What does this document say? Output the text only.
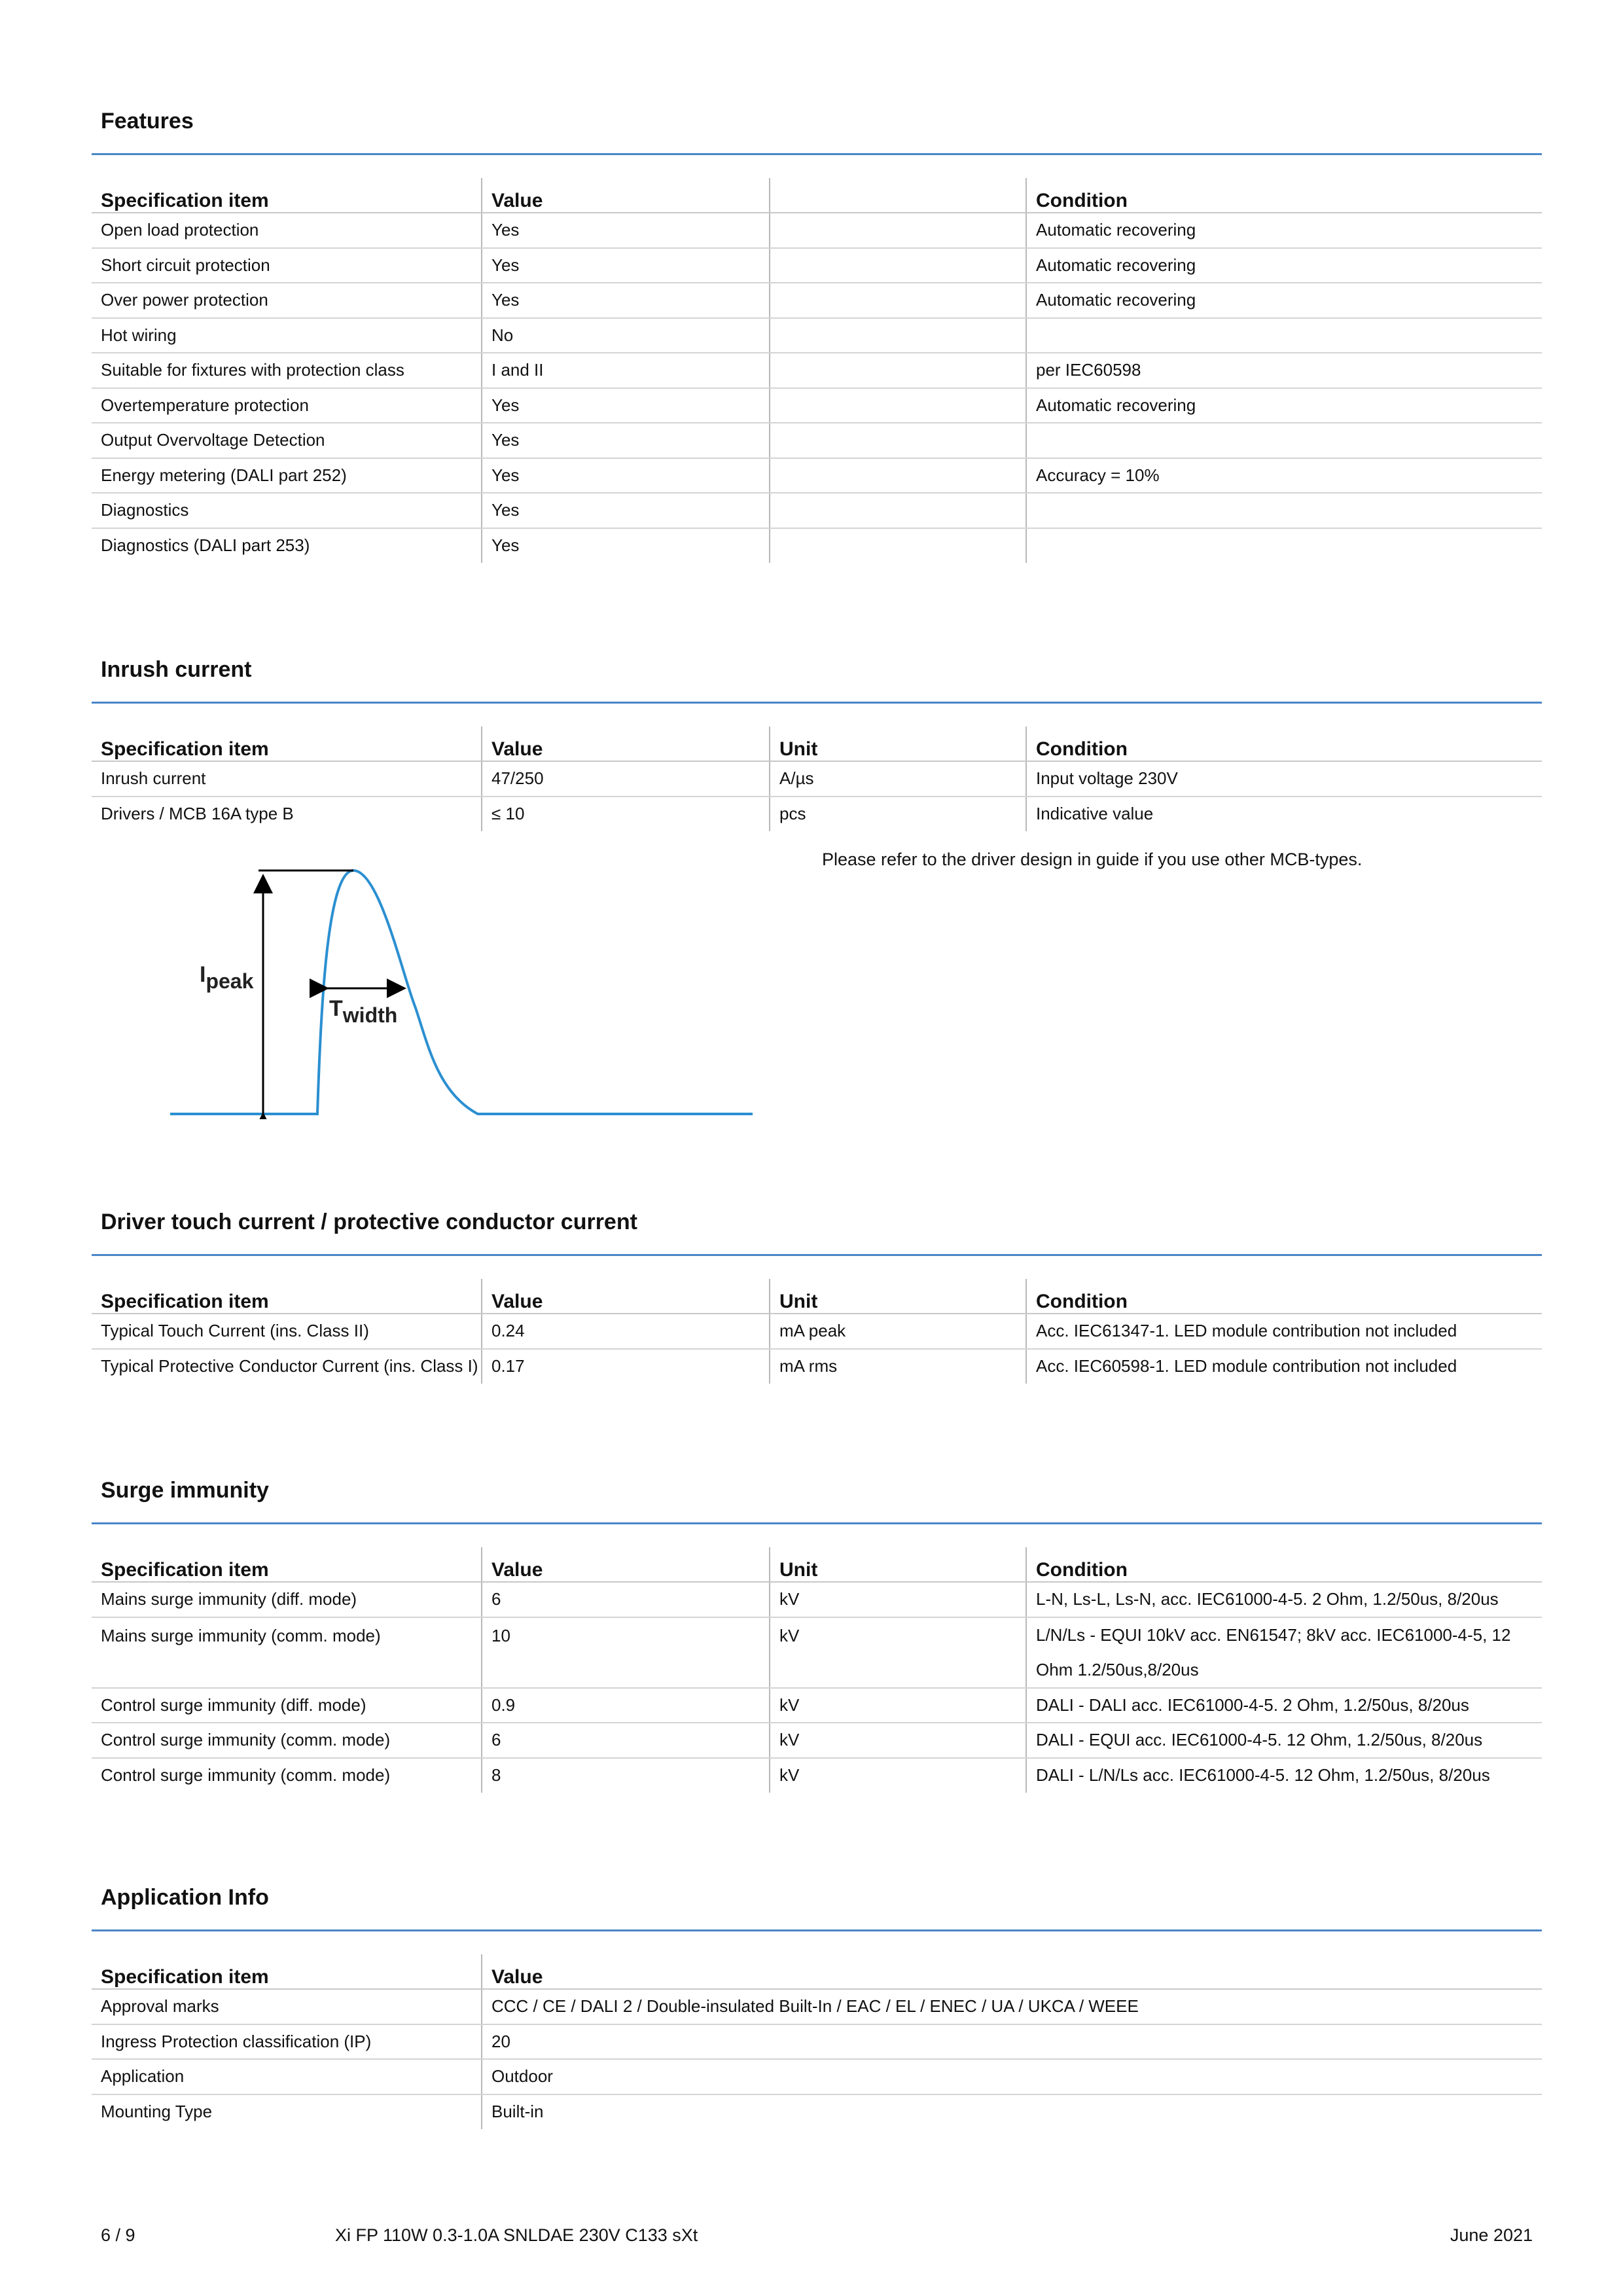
Features
Specification item	Value		Condition
Open load protection	Yes		Automatic recovering
Short circuit protection	Yes		Automatic recovering
Over power protection	Yes		Automatic recovering
Hot wiring	No		
Suitable for fixtures with protection class	I and II		per IEC60598
Overtemperature protection	Yes		Automatic recovering
Output Overvoltage Detection	Yes		
Energy metering (DALI part 252)	Yes		Accuracy = 10%
Diagnostics	Yes		
Diagnostics (DALI part 253)	Yes		
Inrush current
Specification item	Value	Unit	Condition
Inrush current	47/250	A/µs	Input voltage 230V
Drivers / MCB 16A type B	≤ 10	pcs	Indicative value
Please refer to the driver design in guide if you use other MCB-types.
Ipeak
Twidth
Driver touch current / protective conductor current
Specification item	Value	Unit	Condition
Typical Touch Current (ins. Class II)	0.24	mA peak	Acc. IEC61347-1. LED module contribution not included
Typical Protective Conductor Current (ins. Class I)	0.17	mA rms	Acc. IEC60598-1. LED module contribution not included
Surge immunity
Specification item	Value	Unit	Condition
Mains surge immunity (diff. mode)	6	kV	L-N, Ls-L, Ls-N, acc. IEC61000-4-5. 2 Ohm, 1.2/50us, 8/20us
Mains surge immunity (comm. mode)	10	kV	L/N/Ls - EQUI 10kV acc. EN61547; 8kV acc. IEC61000-4-5, 12 Ohm 1.2/50us,8/20us
Control surge immunity (diff. mode)	0.9	kV	DALI - DALI acc. IEC61000-4-5. 2 Ohm, 1.2/50us, 8/20us
Control surge immunity (comm. mode)	6	kV	DALI - EQUI acc. IEC61000-4-5. 12 Ohm, 1.2/50us, 8/20us
Control surge immunity (comm. mode)	8	kV	DALI - L/N/Ls acc. IEC61000-4-5. 12 Ohm, 1.2/50us, 8/20us
Application Info
Specification item	Value
Approval marks	CCC / CE / DALI 2 / Double-insulated Built-In / EAC / EL / ENEC / UA / UKCA / WEEE
Ingress Protection classification (IP)	20
Application	Outdoor
Mounting Type	Built-in
6 / 9	Xi FP 110W 0.3-1.0A SNLDAE 230V C133 sXt	June 2021
